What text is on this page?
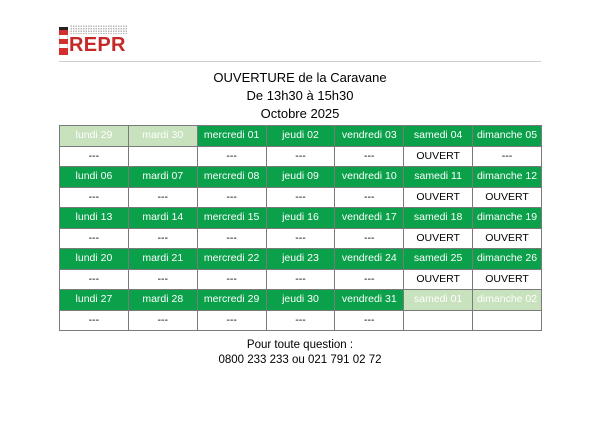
REPR
OUVERTURE de la Caravane
De 13h30 à 15h30
Octobre 2025
lundi 29	mardi 30	mercredi 01	jeudi 02	vendredi 03	samedi 04	dimanche 05
---		---	---	---	OUVERT	---
lundi 06	mardi 07	mercredi 08	jeudi 09	vendredi 10	samedi 11	dimanche 12
---	---	---	---	---	OUVERT	OUVERT
lundi 13	mardi 14	mercredi 15	jeudi 16	vendredi 17	samedi 18	dimanche 19
---	---	---	---	---	OUVERT	OUVERT
lundi 20	mardi 21	mercredi 22	jeudi 23	vendredi 24	samedi 25	dimanche 26
---	---	---	---	---	OUVERT	OUVERT
lundi 27	mardi 28	mercredi 29	jeudi 30	vendredi 31	samedi 01	dimanche 02
---	---	---	---	---		
Pour toute question :
0800 233 233 ou 021 791 02 72
